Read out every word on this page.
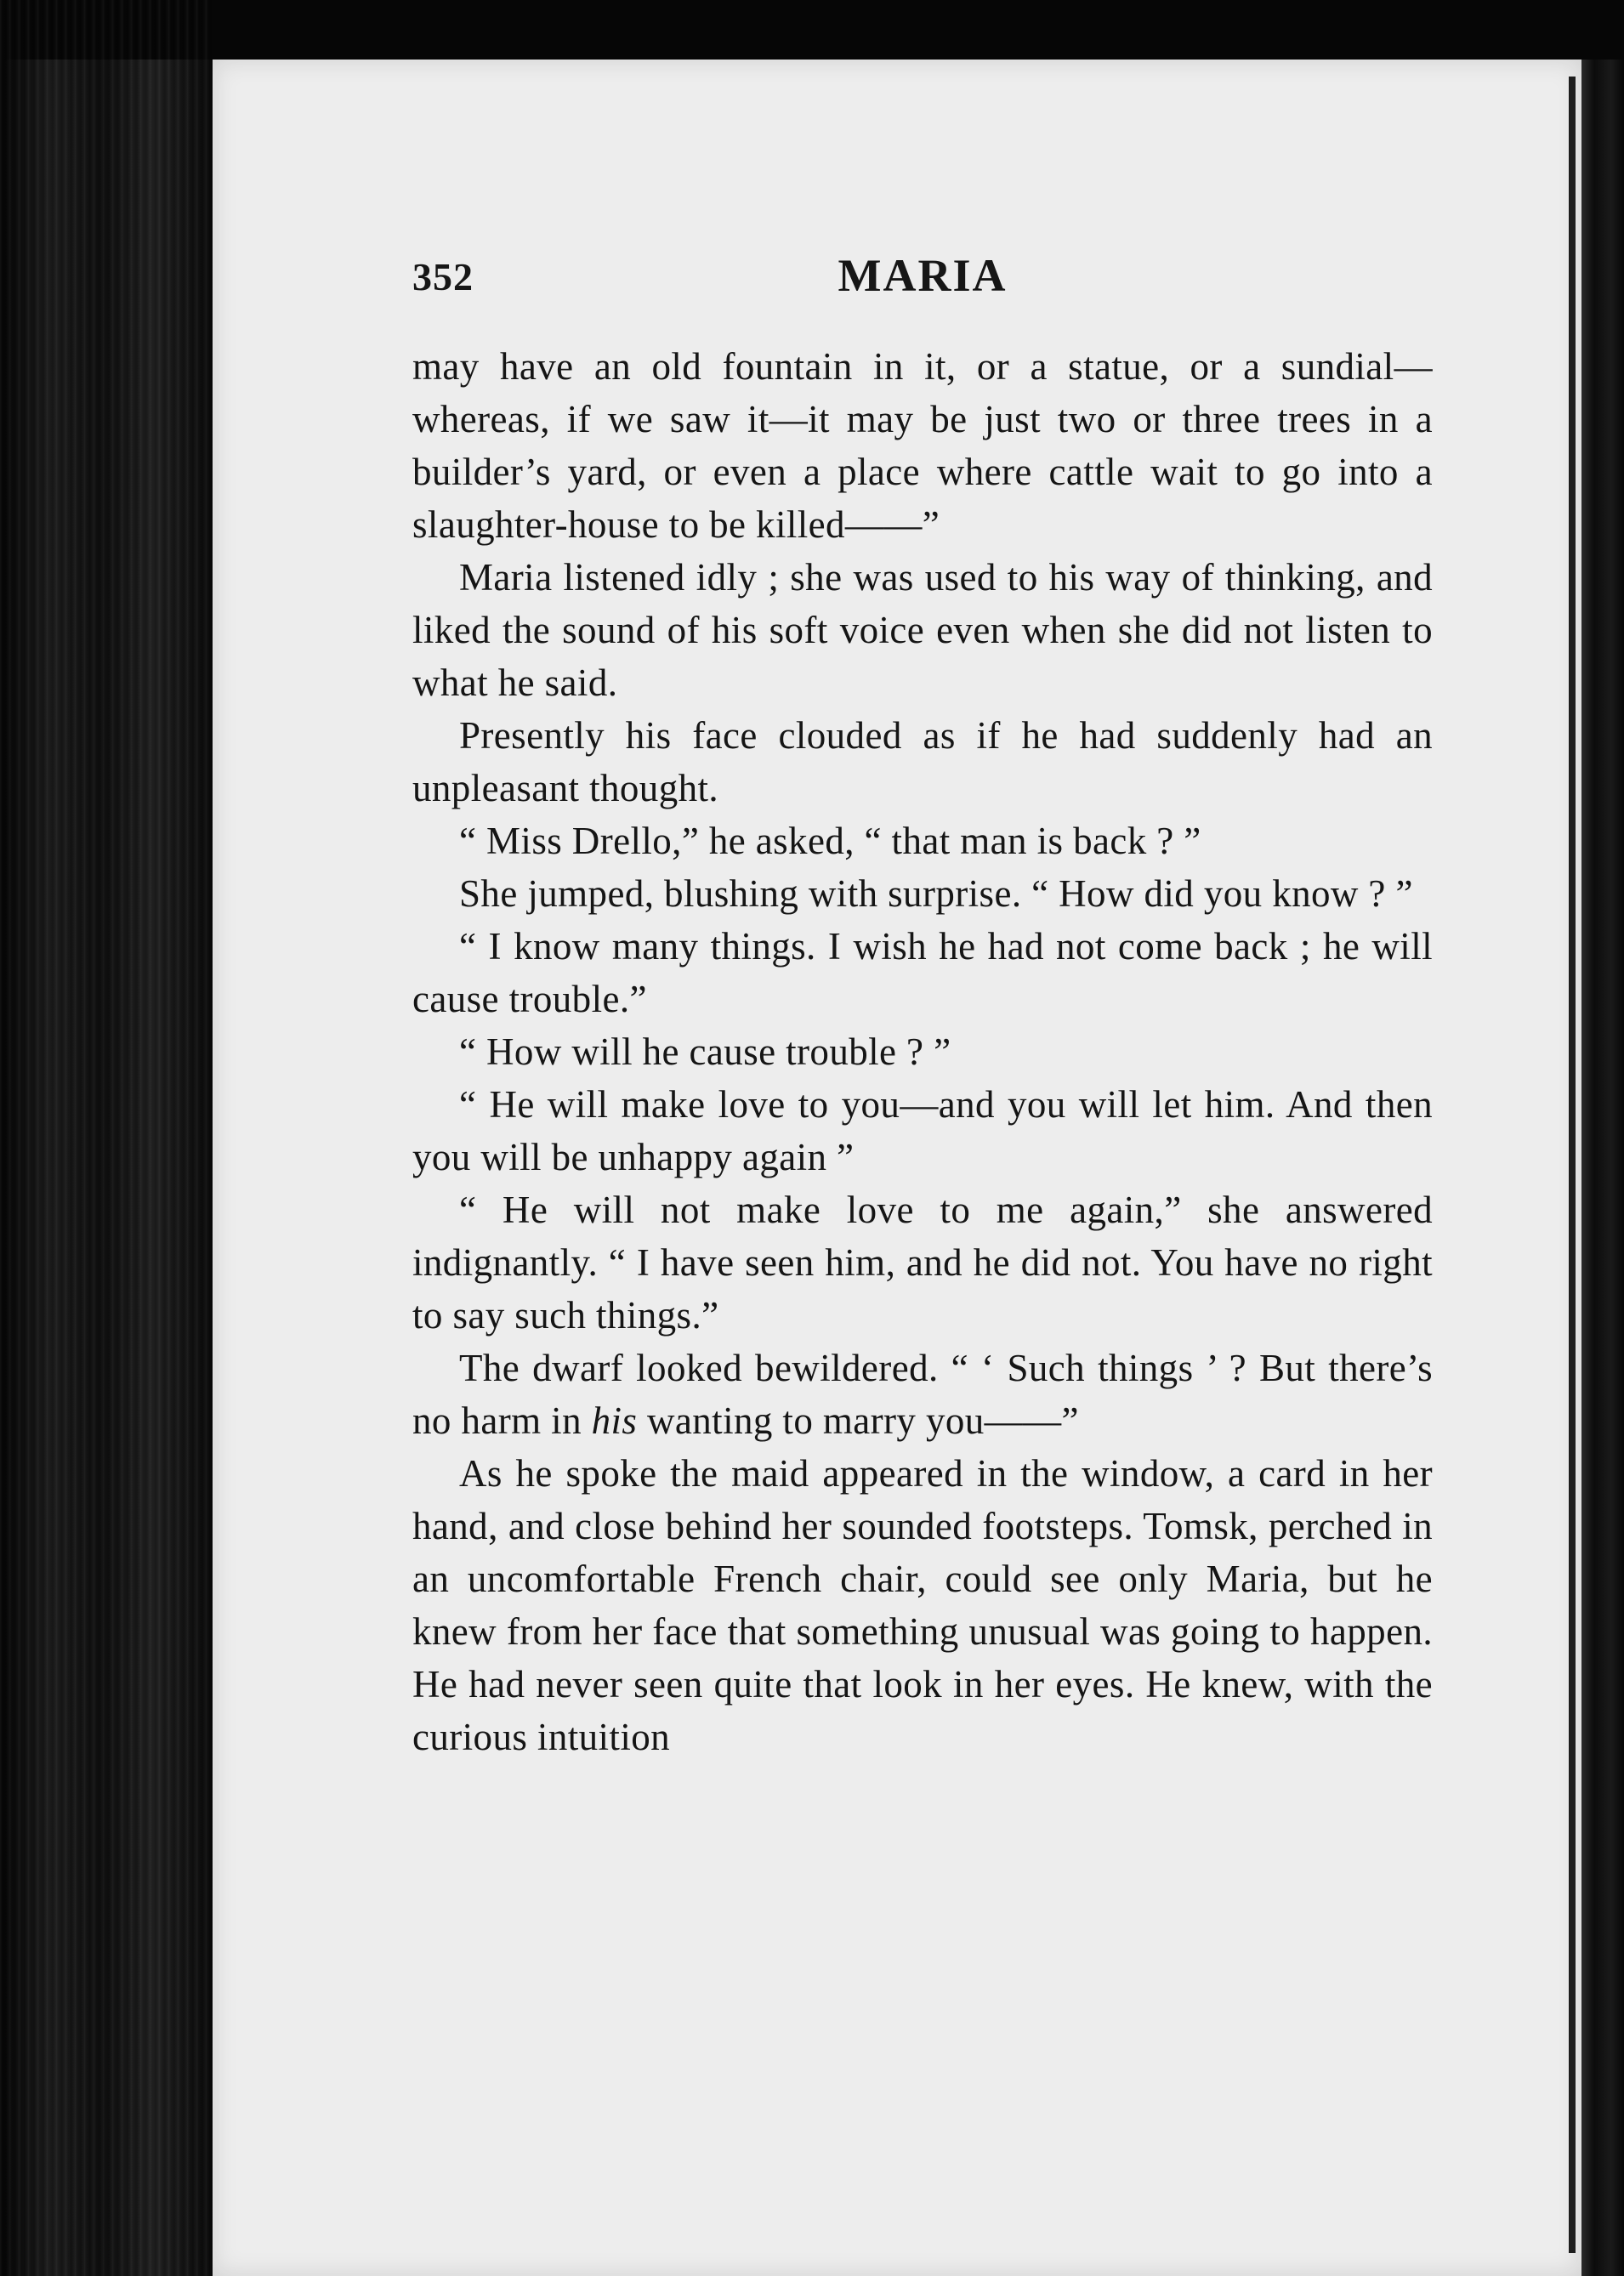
352	MARIA

may have an old fountain in it, or a statue, or a sundial—whereas, if we saw it—it may be just two or three trees in a builder’s yard, or even a place where cattle wait to go into a slaughter-house to be killed——”

Maria listened idly ; she was used to his way of thinking, and liked the sound of his soft voice even when she did not listen to what he said.

Presently his face clouded as if he had suddenly had an unpleasant thought.

“ Miss Drello,” he asked, “ that man is back ? ”

She jumped, blushing with surprise. “ How did you know ? ”

“ I know many things. I wish he had not come back ; he will cause trouble.”

“ How will he cause trouble ? ”

“ He will make love to you—and you will let him. And then you will be unhappy again ”

“ He will not make love to me again,” she answered indignantly. “ I have seen him, and he did not. You have no right to say such things.”

The dwarf looked bewildered. “ ‘ Such things ’ ? But there’s no harm in his wanting to marry you——”

As he spoke the maid appeared in the window, a card in her hand, and close behind her sounded footsteps. Tomsk, perched in an uncomfortable French chair, could see only Maria, but he knew from her face that something unusual was going to happen. He had never seen quite that look in her eyes. He knew, with the curious intuition
